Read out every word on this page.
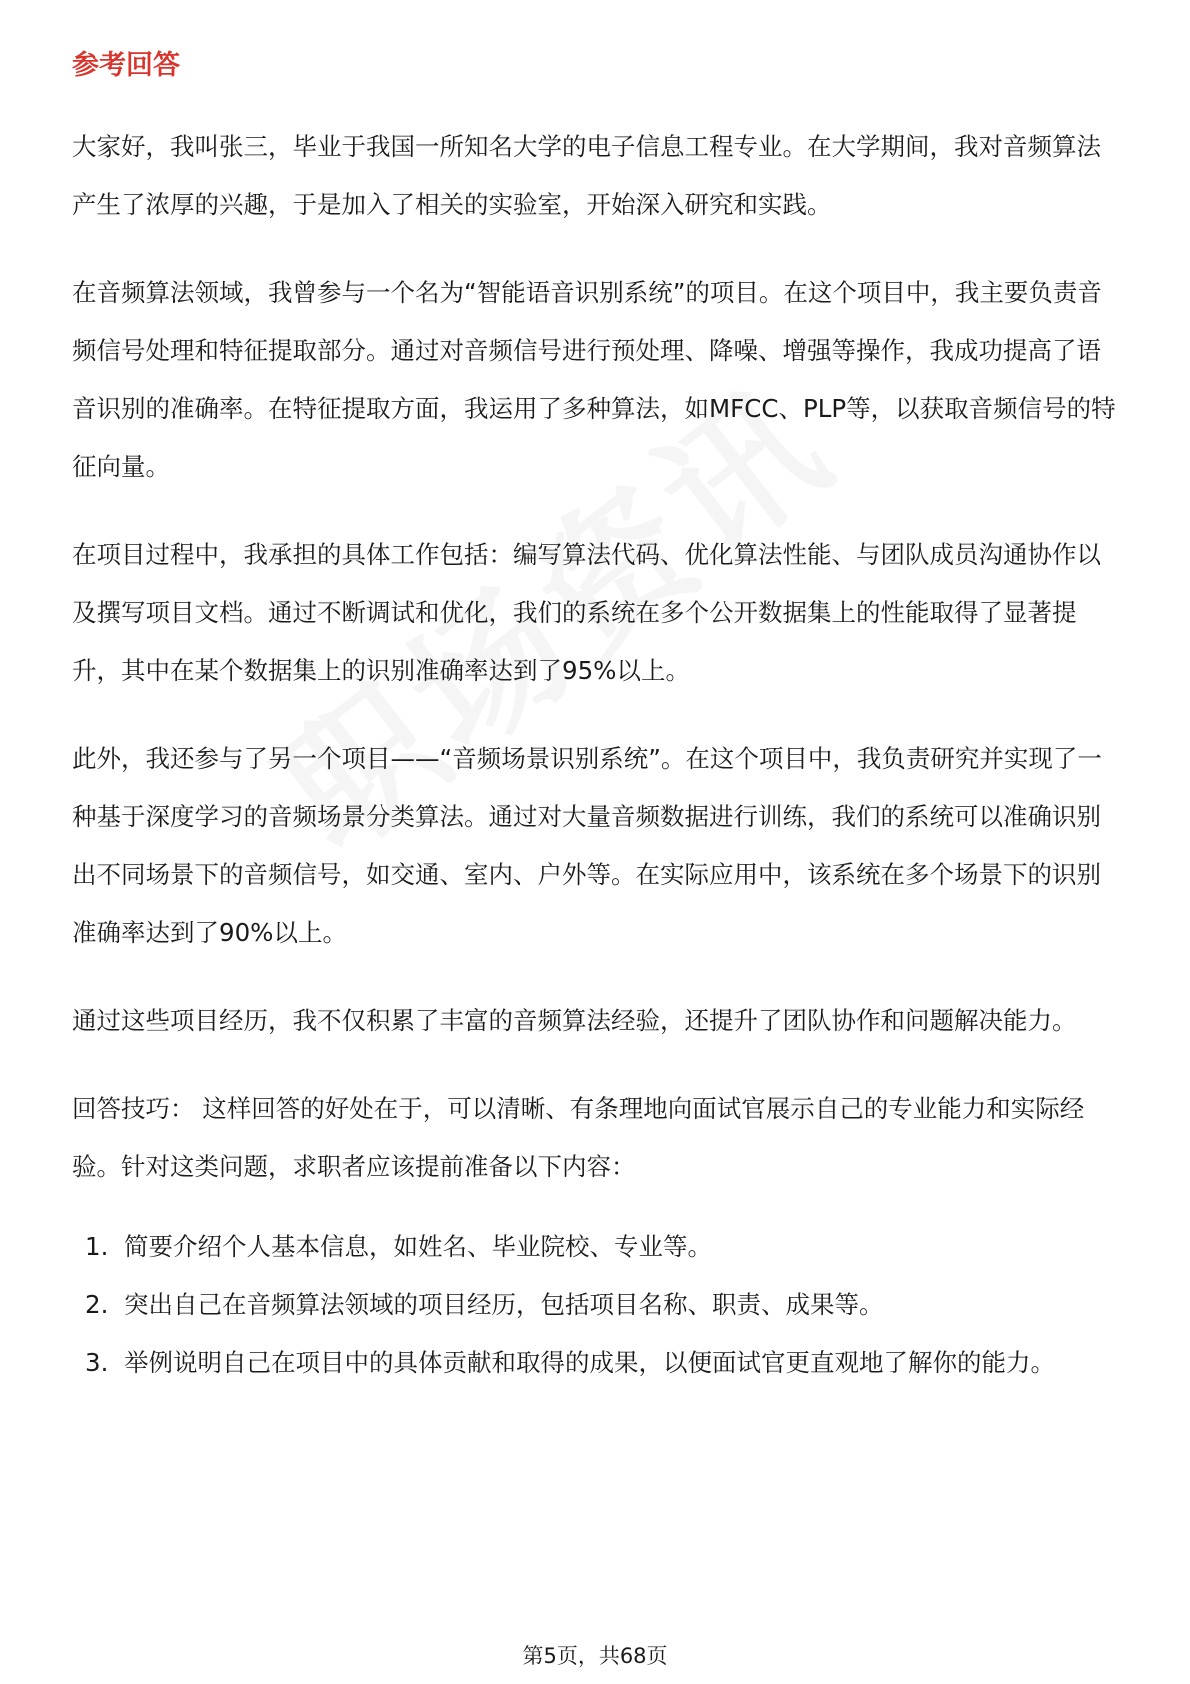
参考回答

大家好，我叫张三，毕业于我国一所知名大学的电子信息工程专业。在大学期间，我对音频算法产生了浓厚的兴趣，于是加入了相关的实验室，开始深入研究和实践。

在音频算法领域，我曾参与一个名为“智能语音识别系统”的项目。在这个项目中，我主要负责音频信号处理和特征提取部分。通过对音频信号进行预处理、降噪、增强等操作，我成功提高了语音识别的准确率。在特征提取方面，我运用了多种算法，如MFCC、PLP等，以获取音频信号的特征向量。

在项目过程中，我承担的具体工作包括：编写算法代码、优化算法性能、与团队成员沟通协作以及撰写项目文档。通过不断调试和优化，我们的系统在多个公开数据集上的性能取得了显著提升，其中在某个数据集上的识别准确率达到了95%以上。

此外，我还参与了另一个项目——“音频场景识别系统”。在这个项目中，我负责研究并实现了一种基于深度学习的音频场景分类算法。通过对大量音频数据进行训练，我们的系统可以准确识别出不同场景下的音频信号，如交通、室内、户外等。在实际应用中，该系统在多个场景下的识别准确率达到了90%以上。

通过这些项目经历，我不仅积累了丰富的音频算法经验，还提升了团队协作和问题解决能力。

回答技巧： 这样回答的好处在于，可以清晰、有条理地向面试官展示自己的专业能力和实际经验。针对这类问题，求职者应该提前准备以下内容：

1. 简要介绍个人基本信息，如姓名、毕业院校、专业等。
2. 突出自己在音频算法领域的项目经历，包括项目名称、职责、成果等。
3. 举例说明自己在项目中的具体贡献和取得的成果，以便面试官更直观地了解你的能力。
第5页，共68页
